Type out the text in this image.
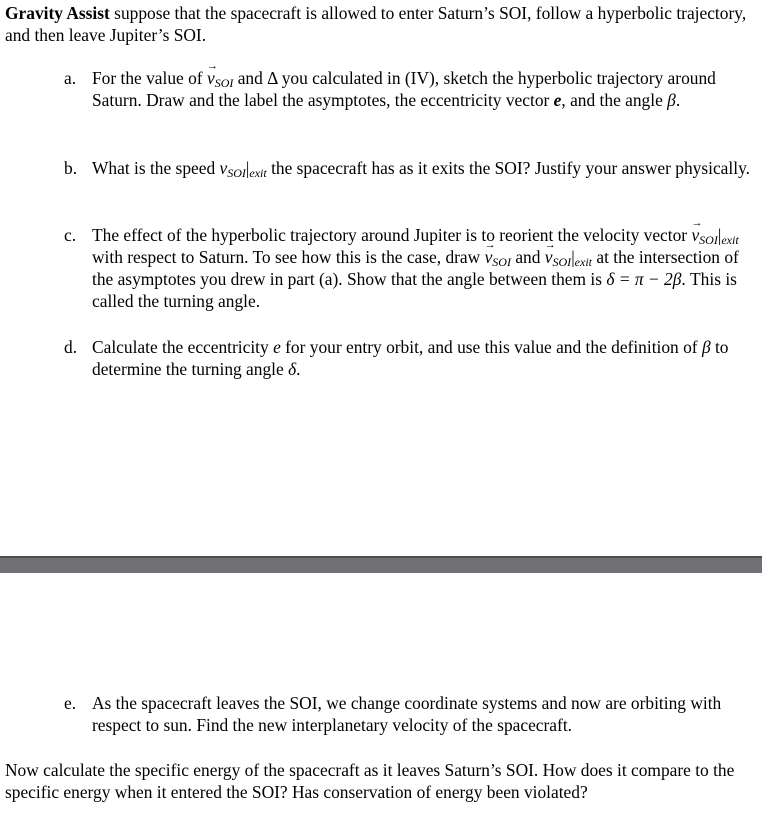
Gravity Assist suppose that the spacecraft is allowed to enter Saturn’s SOI, follow a hyperbolic trajectory, and then leave Jupiter’s SOI.
a. For the value of $v \to_{SOI}$ and Δ you calculated in (IV), sketch the hyperbolic trajectory around Saturn. Draw and the label the asymptotes, the eccentricity vector e, and the angle β.
b. What is the speed $v_{SOI}|_{exit}$ the spacecraft has as it exits the SOI? Justify your answer physically.
c. The effect of the hyperbolic trajectory around Jupiter is to reorient the velocity vector $v \to_{SOI}|_{exit}$ with respect to Saturn. To see how this is the case, draw $v \to_{SOI}$ and $v \to_{SOI}|_{exit}$ at the intersection of the asymptotes you drew in part (a). Show that the angle between them is δ = π − 2β. This is called the turning angle.
d. Calculate the eccentricity e for your entry orbit, and use this value and the definition of β to determine the turning angle δ.
e. As the spacecraft leaves the SOI, we change coordinate systems and now are orbiting with respect to sun. Find the new interplanetary velocity of the spacecraft.
Now calculate the specific energy of the spacecraft as it leaves Saturn’s SOI. How does it compare to the specific energy when it entered the SOI? Has conservation of energy been violated?
